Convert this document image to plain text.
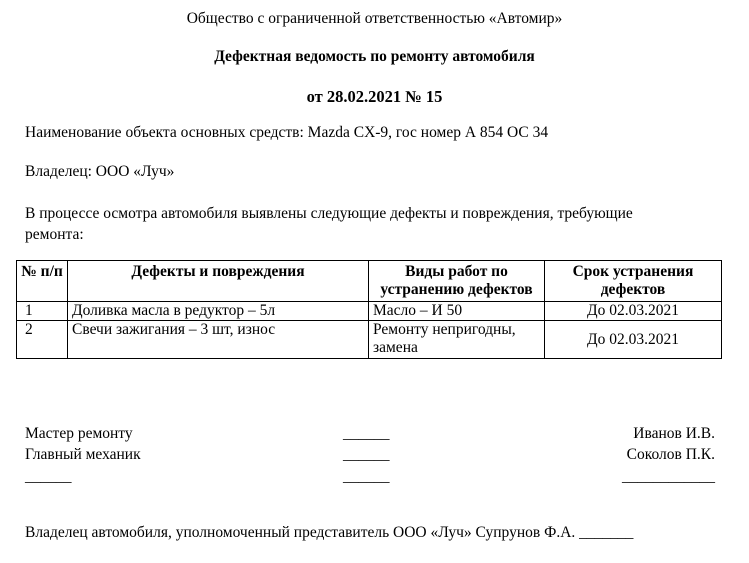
Общество с ограниченной ответственностью «Автомир»
Дефектная ведомость по ремонту автомобиля
от 28.02.2021 № 15
Наименование объекта основных средств: Mazda CX-9, гос номер А 854 ОС 34
Владелец: ООО «Луч»
В процессе осмотра автомобиля выявлены следующие дефекты и повреждения, требующие ремонта:
№ п/п	Дефекты и повреждения	Виды работ по устранению дефектов	Срок устранения дефектов
1	Доливка масла в редуктор – 5л	Масло – И 50	До 02.03.2021
2	Свечи зажигания – 3 шт, износ	Ремонту непригодны, замена	До 02.03.2021
Мастер ремонту	______	Иванов И.В.
Главный механик	______	Соколов П.К.
______	______	____________
Владелец автомобиля, уполномоченный представитель ООО «Луч» Супрунов Ф.А. _______
